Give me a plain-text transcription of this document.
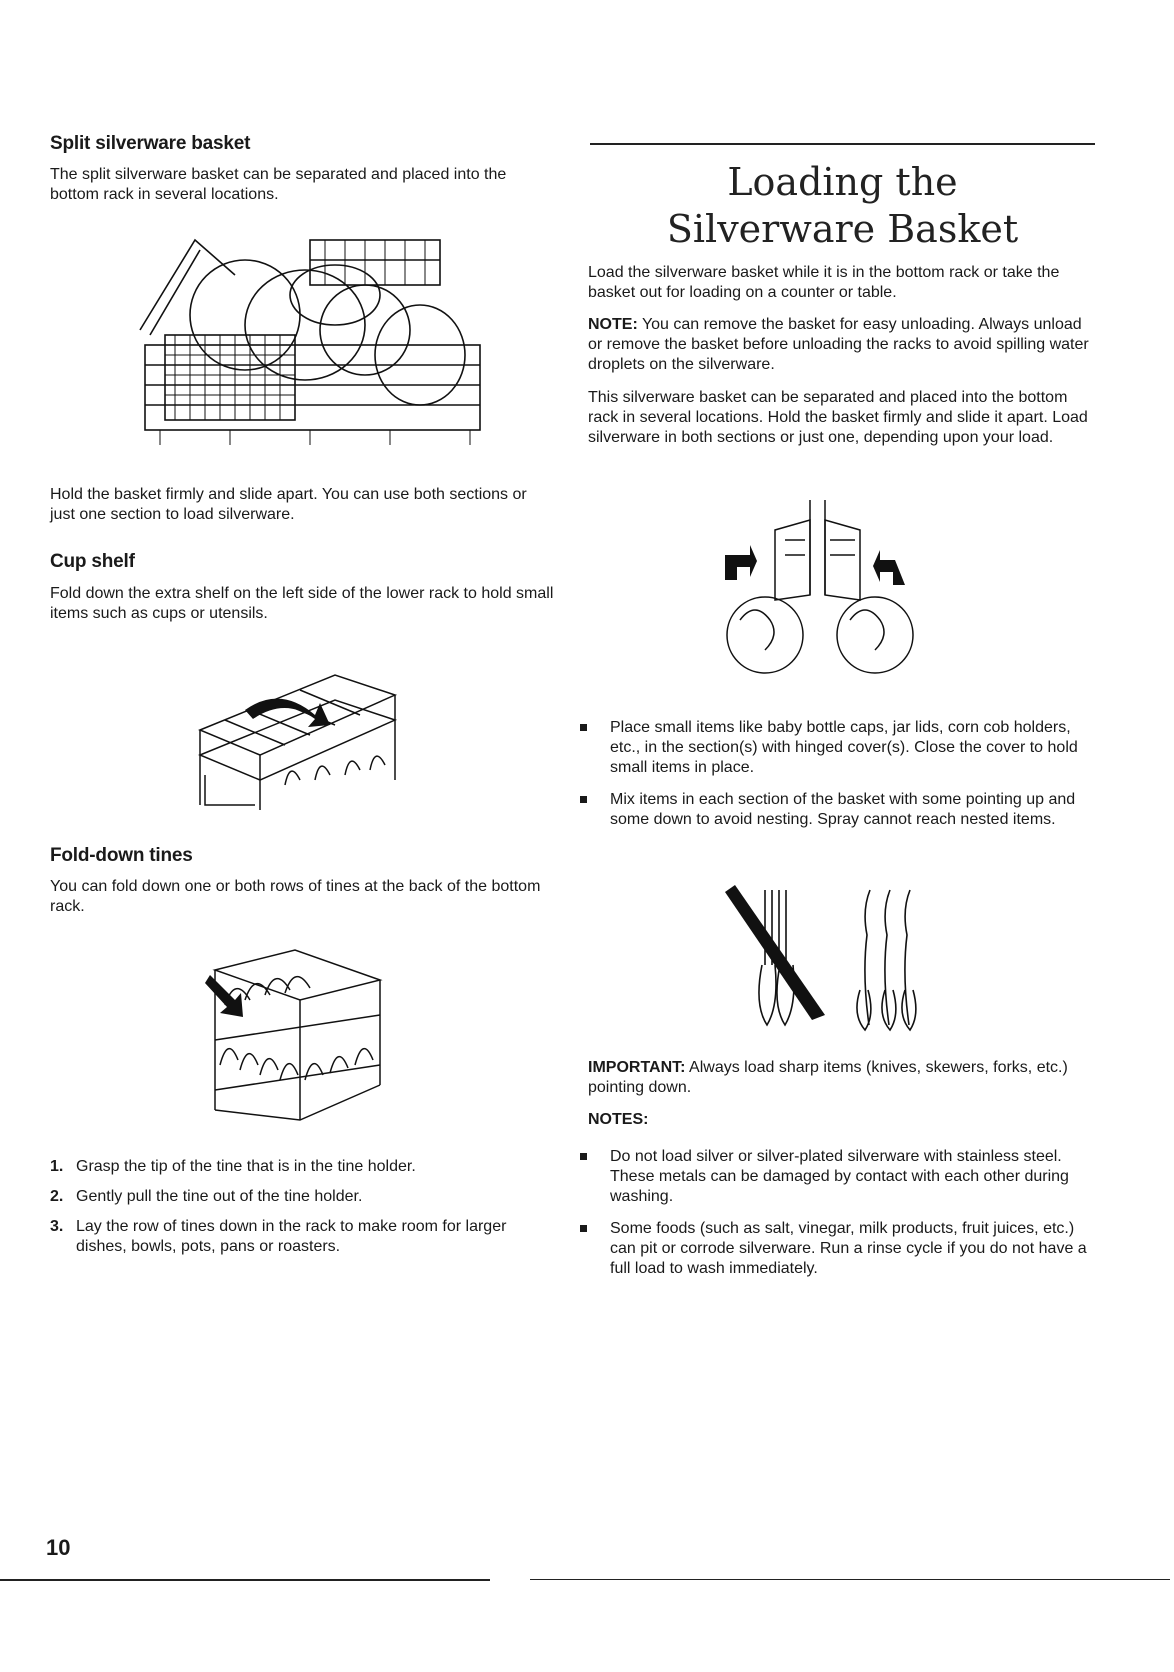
Split silverware basket
The split silverware basket can be separated and placed into the bottom rack in several locations.
Hold the basket firmly and slide apart. You can use both sections or just one section to load silverware.
Cup shelf
Fold down the extra shelf on the left side of the lower rack to hold small items such as cups or utensils.
Fold-down tines
You can fold down one or both rows of tines at the back of the bottom rack.
1. Grasp the tip of the tine that is in the tine holder.
2. Gently pull the tine out of the tine holder.
3. Lay the row of tines down in the rack to make room for larger dishes, bowls, pots, pans or roasters.
Loading the
Silverware Basket
Load the silverware basket while it is in the bottom rack or take the basket out for loading on a counter or table.
NOTE: You can remove the basket for easy unloading. Always unload or remove the basket before unloading the racks to avoid spilling water droplets on the silverware.
This silverware basket can be separated and placed into the bottom rack in several locations. Hold the basket firmly and slide it apart. Load silverware in both sections or just one, depending upon your load.
Place small items like baby bottle caps, jar lids, corn cob holders, etc., in the section(s) with hinged cover(s). Close the cover to hold small items in place.
Mix items in each section of the basket with some pointing up and some down to avoid nesting. Spray cannot reach nested items.
IMPORTANT: Always load sharp items (knives, skewers, forks, etc.) pointing down.
NOTES:
Do not load silver or silver-plated silverware with stainless steel. These metals can be damaged by contact with each other during washing.
Some foods (such as salt, vinegar, milk products, fruit juices, etc.) can pit or corrode silverware. Run a rinse cycle if you do not have a full load to wash immediately.
10
